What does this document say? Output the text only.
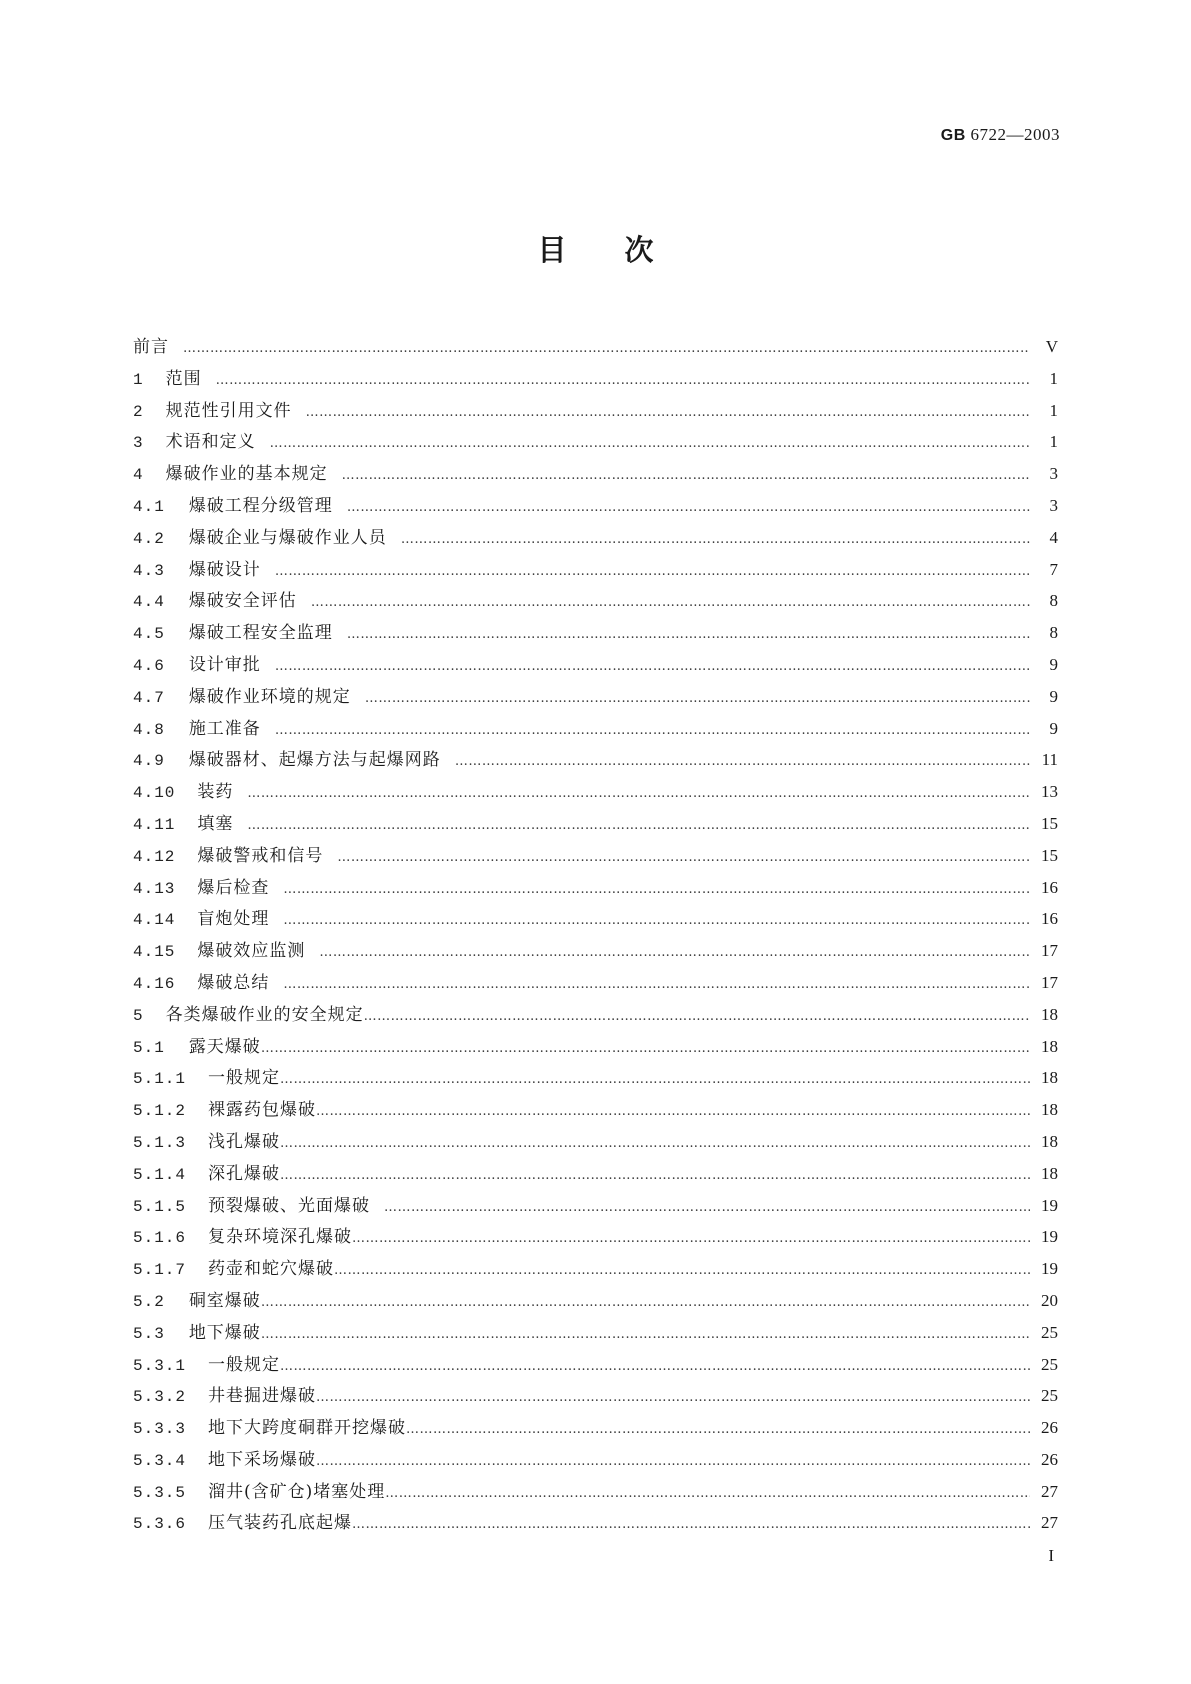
GB 6722—2003
目次
前言 …………………………………………………………………………………………………………………………………………………………………………………………………………………………………………………	V
1 范围 …………………………………………………………………………………………………………………………………………………………………………………………………………………………………………………	1
2 规范性引用文件 …………………………………………………………………………………………………………………………………………………………………………………………………………………………………………………	1
3 术语和定义 …………………………………………………………………………………………………………………………………………………………………………………………………………………………………………………	1
4 爆破作业的基本规定 …………………………………………………………………………………………………………………………………………………………………………………………………………………………………………………	3
4.1 爆破工程分级管理 …………………………………………………………………………………………………………………………………………………………………………………………………………………………………………………	3
4.2 爆破企业与爆破作业人员 …………………………………………………………………………………………………………………………………………………………………………………………………………………………………………………	4
4.3 爆破设计 …………………………………………………………………………………………………………………………………………………………………………………………………………………………………………………	7
4.4 爆破安全评估 …………………………………………………………………………………………………………………………………………………………………………………………………………………………………………………	8
4.5 爆破工程安全监理 …………………………………………………………………………………………………………………………………………………………………………………………………………………………………………………	8
4.6 设计审批 …………………………………………………………………………………………………………………………………………………………………………………………………………………………………………………	9
4.7 爆破作业环境的规定 …………………………………………………………………………………………………………………………………………………………………………………………………………………………………………………	9
4.8 施工准备 …………………………………………………………………………………………………………………………………………………………………………………………………………………………………………………	9
4.9 爆破器材、起爆方法与起爆网路 …………………………………………………………………………………………………………………………………………………………………………………………………………………………………………………	11
4.10 装药 …………………………………………………………………………………………………………………………………………………………………………………………………………………………………………………	13
4.11 填塞 …………………………………………………………………………………………………………………………………………………………………………………………………………………………………………………	15
4.12 爆破警戒和信号 …………………………………………………………………………………………………………………………………………………………………………………………………………………………………………………	15
4.13 爆后检查 …………………………………………………………………………………………………………………………………………………………………………………………………………………………………………………	16
4.14 盲炮处理 …………………………………………………………………………………………………………………………………………………………………………………………………………………………………………………	16
4.15 爆破效应监测 …………………………………………………………………………………………………………………………………………………………………………………………………………………………………………………	17
4.16 爆破总结 …………………………………………………………………………………………………………………………………………………………………………………………………………………………………………………	17
5 各类爆破作业的安全规定 …………………………………………………………………………………………………………………………………………………………………………………………………………………………………………………	18
5.1 露天爆破 …………………………………………………………………………………………………………………………………………………………………………………………………………………………………………………	18
5.1.1 一般规定 …………………………………………………………………………………………………………………………………………………………………………………………………………………………………………………	18
5.1.2 裸露药包爆破 …………………………………………………………………………………………………………………………………………………………………………………………………………………………………………………	18
5.1.3 浅孔爆破 …………………………………………………………………………………………………………………………………………………………………………………………………………………………………………………	18
5.1.4 深孔爆破 …………………………………………………………………………………………………………………………………………………………………………………………………………………………………………………	18
5.1.5 预裂爆破、光面爆破 …………………………………………………………………………………………………………………………………………………………………………………………………………………………………………………	19
5.1.6 复杂环境深孔爆破 …………………………………………………………………………………………………………………………………………………………………………………………………………………………………………………	19
5.1.7 药壶和蛇穴爆破 …………………………………………………………………………………………………………………………………………………………………………………………………………………………………………………	19
5.2 硐室爆破 …………………………………………………………………………………………………………………………………………………………………………………………………………………………………………………	20
5.3 地下爆破 …………………………………………………………………………………………………………………………………………………………………………………………………………………………………………………	25
5.3.1 一般规定 …………………………………………………………………………………………………………………………………………………………………………………………………………………………………………………	25
5.3.2 井巷掘进爆破 …………………………………………………………………………………………………………………………………………………………………………………………………………………………………………………	25
5.3.3 地下大跨度硐群开挖爆破 …………………………………………………………………………………………………………………………………………………………………………………………………………………………………………………	26
5.3.4 地下采场爆破 …………………………………………………………………………………………………………………………………………………………………………………………………………………………………………………	26
5.3.5 溜井(含矿仓)堵塞处理 …………………………………………………………………………………………………………………………………………………………………………………………………………………………………………………	27
5.3.6 压气装药孔底起爆 …………………………………………………………………………………………………………………………………………………………………………………………………………………………………………………	27
I
